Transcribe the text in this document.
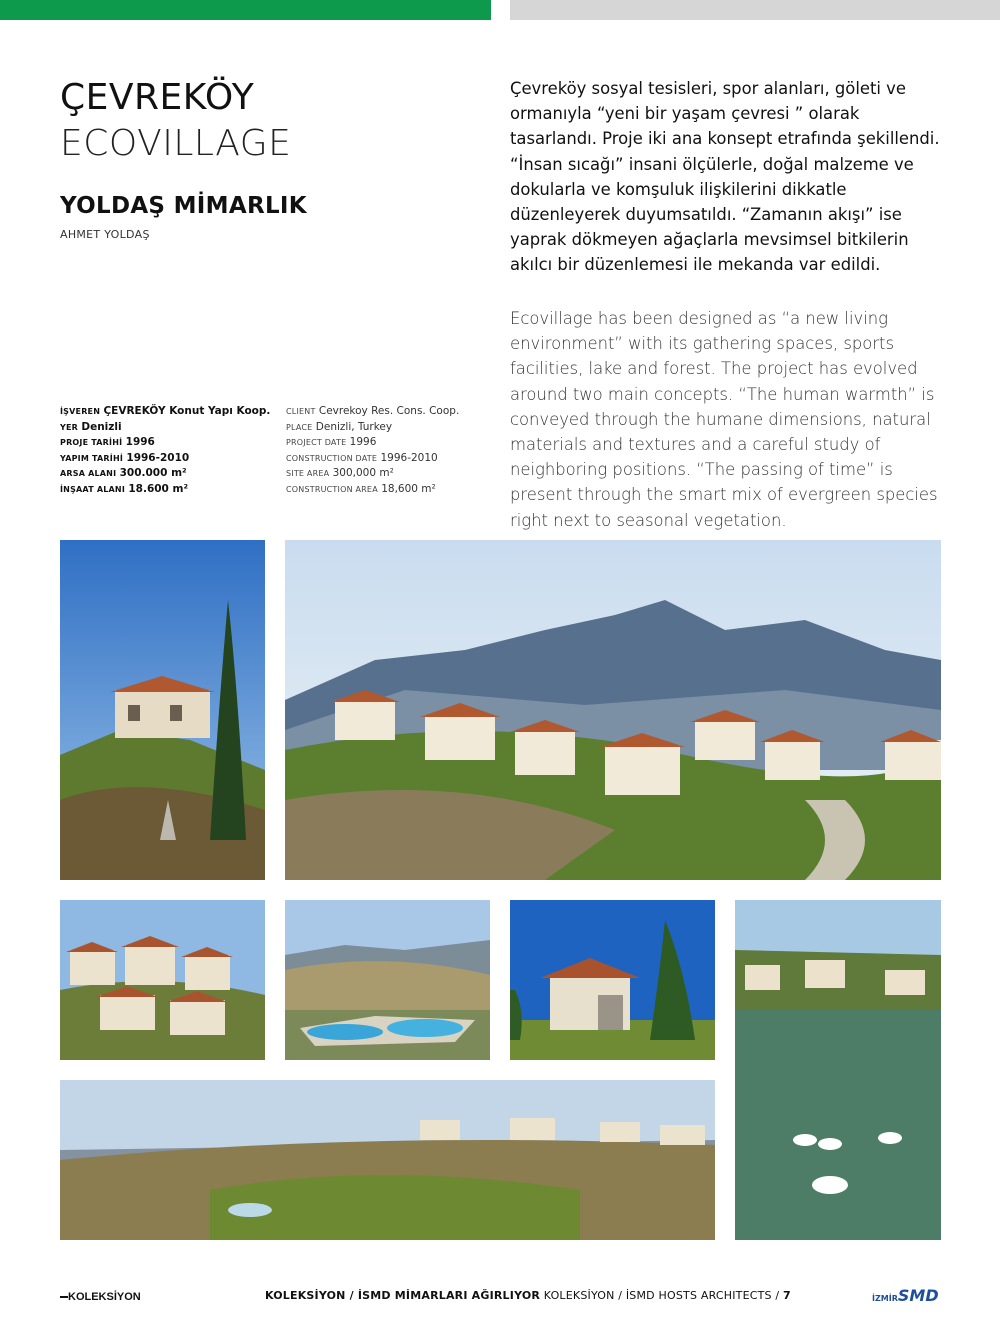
ÇEVREKÖY
ECOVILLAGE
YOLDAŞ MİMARLIK
AHMET YOLDAŞ
Çevreköy sosyal tesisleri, spor alanları, göleti ve ormanıyla “yeni bir yaşam çevresi ” olarak tasarlandı. Proje iki ana konsept etrafında şekillendi. “İnsan sıcağı” insani ölçülerle, doğal malzeme ve dokularla ve komşuluk ilişkilerini dikkatle düzenleyerek duyumsatıldı. “Zamanın akışı” ise yaprak dökmeyen ağaçlarla mevsimsel bitkilerin akılcı bir düzenlemesi ile mekanda var edildi.
Ecovillage has been designed as “a new living environment” with its gathering spaces, sports facilities, lake and forest. The project has evolved around two main concepts. “The human warmth” is conveyed through the humane dimensions, natural materials and textures and a careful study of neighboring positions. “The passing of time” is present through the smart mix of evergreen species right next to seasonal vegetation.
İŞVEREN ÇEVREKÖY Konut Yapı Koop.
YER Denizli
PROJE TARİHİ 1996
YAPIM TARİHİ 1996-2010
ARSA ALANI 300.000 m²
İNŞAAT ALANI 18.600 m²
CLIENT Cevrekoy Res. Cons. Coop.
PLACE Denizli, Turkey
PROJECT DATE 1996
CONSTRUCTION DATE 1996-2010
SITE AREA 300,000 m²
CONSTRUCTION AREA 18,600 m²
KOLEKSİYON	KOLEKSİYON / İSMD MİMARLARI AĞIRLIYOR KOLEKSİYON / İSMD HOSTS ARCHITECTS / 7	İZMİRSMD
